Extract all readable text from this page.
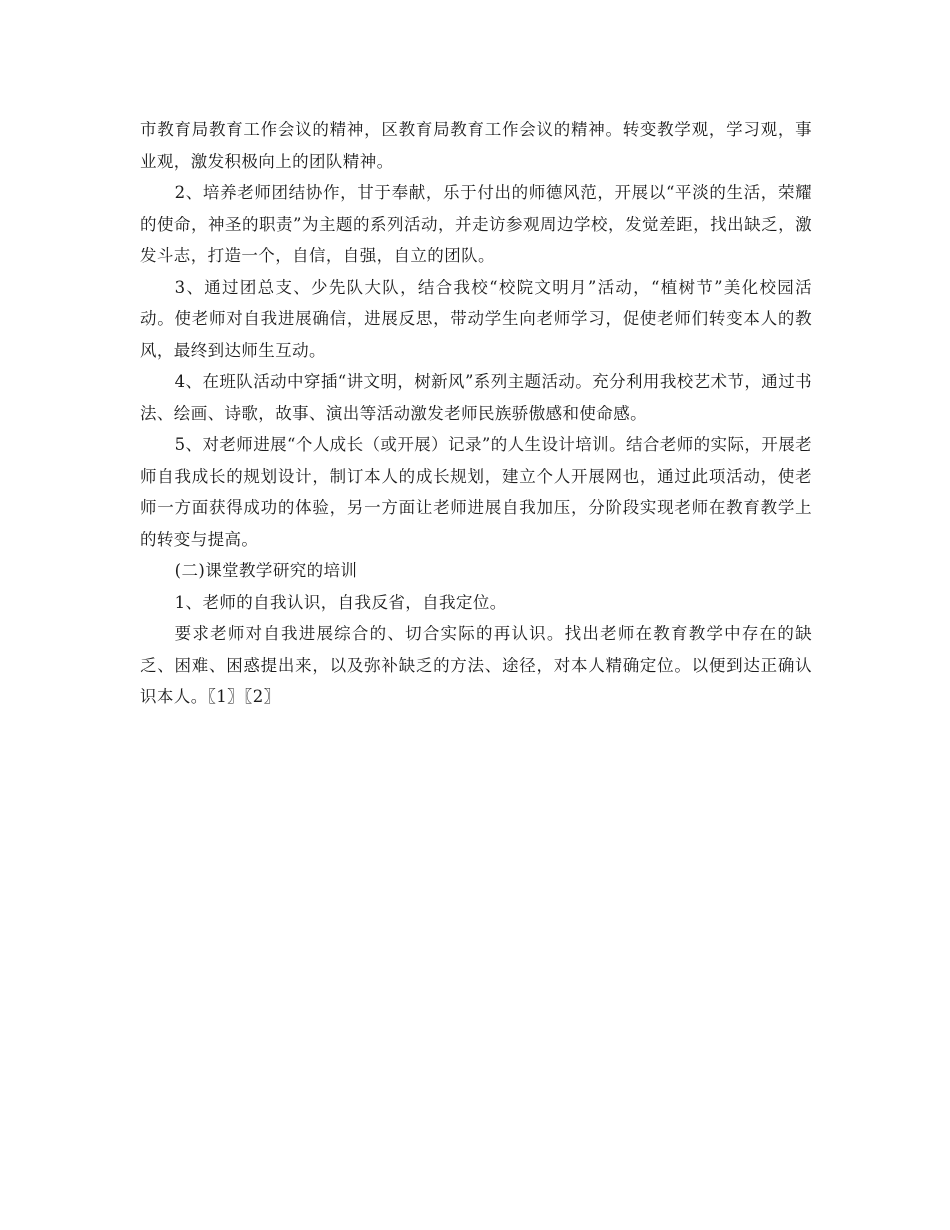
市教育局教育工作会议的精神，区教育局教育工作会议的精神。转变教学观，学习观，事业观，激发积极向上的团队精神。

2、培养老师团结协作，甘于奉献，乐于付出的师德风范，开展以“平淡的生活，荣耀的使命，神圣的职责”为主题的系列活动，并走访参观周边学校，发觉差距，找出缺乏，激发斗志，打造一个，自信，自强，自立的团队。

3、通过团总支、少先队大队，结合我校“校院文明月”活动，“植树节”美化校园活动。使老师对自我进展确信，进展反思，带动学生向老师学习，促使老师们转变本人的教风，最终到达师生互动。

4、在班队活动中穿插“讲文明，树新风”系列主题活动。充分利用我校艺术节，通过书法、绘画、诗歌，故事、演出等活动激发老师民族骄傲感和使命感。

5、对老师进展“个人成长（或开展）记录”的人生设计培训。结合老师的实际，开展老师自我成长的规划设计，制订本人的成长规划，建立个人开展网也，通过此项活动，使老师一方面获得成功的体验，另一方面让老师进展自我加压，分阶段实现老师在教育教学上的转变与提高。

(二)课堂教学研究的培训

1、老师的自我认识，自我反省，自我定位。

要求老师对自我进展综合的、切合实际的再认识。找出老师在教育教学中存在的缺乏、困难、困惑提出来，以及弥补缺乏的方法、途径，对本人精确定位。以便到达正确认识本人。〖1〗〖2〗
